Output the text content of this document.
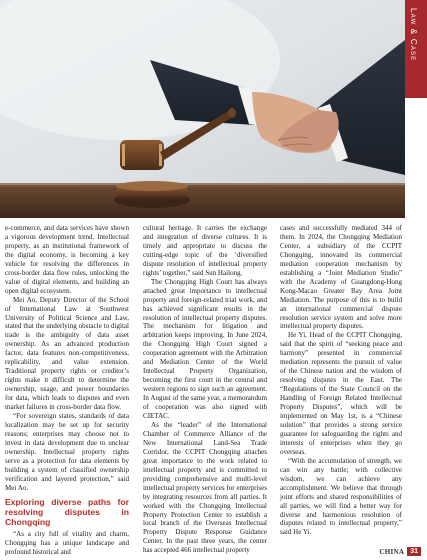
Law & Case

e-commerce, and data services have shown a vigorous development trend. Intellectual property, as an institutional framework of the digital economy, is becoming a key vehicle for resolving the differences in cross-border data flow rules, unlocking the value of digital elements, and building an open digital ecosystem.

Mei Ao, Deputy Director of the School of International Law at Southwest University of Political Science and Law, stated that the underlying obstacle to digital trade is the ambiguity of data asset ownership. As an advanced production factor, data features non-competitiveness, replicability, and value extension. Traditional property rights or creditor’s rights make it difficult to determine the ownership, usage, and power boundaries for data, which leads to disputes and even market failures in cross-border data flow.

“For sovereign states, standards of data localization may be set up for security reasons; enterprises may choose not to invest in data development due to unclear ownership. Intellectual property rights serve as a protection for data elements by building a system of classified ownership verification and layered protection,” said Mei Ao.

Exploring diverse paths for resolving disputes in Chongqing

“As a city full of vitality and charm, Chongqing has a unique landscape and profound historical and

cultural heritage. It carries the exchange and integration of diverse cultures. It is timely and appropriate to discuss the cutting-edge topic of the ‘diversified dispute resolution of intellectual property rights’ together,” said Sun Hailong.

The Chongqing High Court has always attached great importance to intellectual property and foreign-related trial work, and has achieved significant results in the resolution of intellectual property disputes. The mechanism for litigation and arbitration keeps improving. In June 2024, the Chongqing High Court signed a cooperation agreement with the Arbitration and Mediation Center of the World Intellectual Property Organization, becoming the first court in the central and western regions to sign such an agreement. In August of the same year, a memorandum of cooperation was also signed with CIETAC.

As the “leader” of the International Chamber of Commerce Alliance of the New International Land-Sea Trade Corridor, the CCPIT Chongqing attaches great importance to the work related to intellectual property and is committed to providing comprehensive and multi-level intellectual property services for enterprises by integrating resources from all parties. It worked with the Chongqing Intellectual Property Protection Center to establish a local branch of the Overseas Intellectual Property Dispute Response Guidance Center. In the past three years, the center has accepted 466 intellectual property

cases and successfully mediated 344 of them. In 2024, the Chongqing Mediation Center, a subsidiary of the CCPIT Chongqing, innovated its commercial mediation cooperation mechanism by establishing a “Joint Mediation Studio” with the Academy of Guangdong-Hong Kong-Macao Greater Bay Area Joint Mediation. The purpose of this is to build an international commercial dispute resolution service system and solve more intellectual property disputes.

He Yi, Head of the CCPIT Chongqing, said that the spirit of “seeking peace and harmony” presented in commercial mediation represents the pursuit of value of the Chinese nation and the wisdom of resolving disputes in the East. The “Regulations of the State Council on the Handling of Foreign Related Intellectual Property Disputes”, which will be implemented on May 1st, is a “Chinese solution” that provides a strong service guarantee for safeguarding the rights and interests of enterprises when they go overseas.

“With the accumulation of strength, we can win any battle; with collective wisdom, we can achieve any accomplishment. We believe that through joint efforts and shared responsibilities of all parties, we will find a better way for diverse and harmonious resolution of disputes related to intellectual property,” said He Yi.

CHINA 31
